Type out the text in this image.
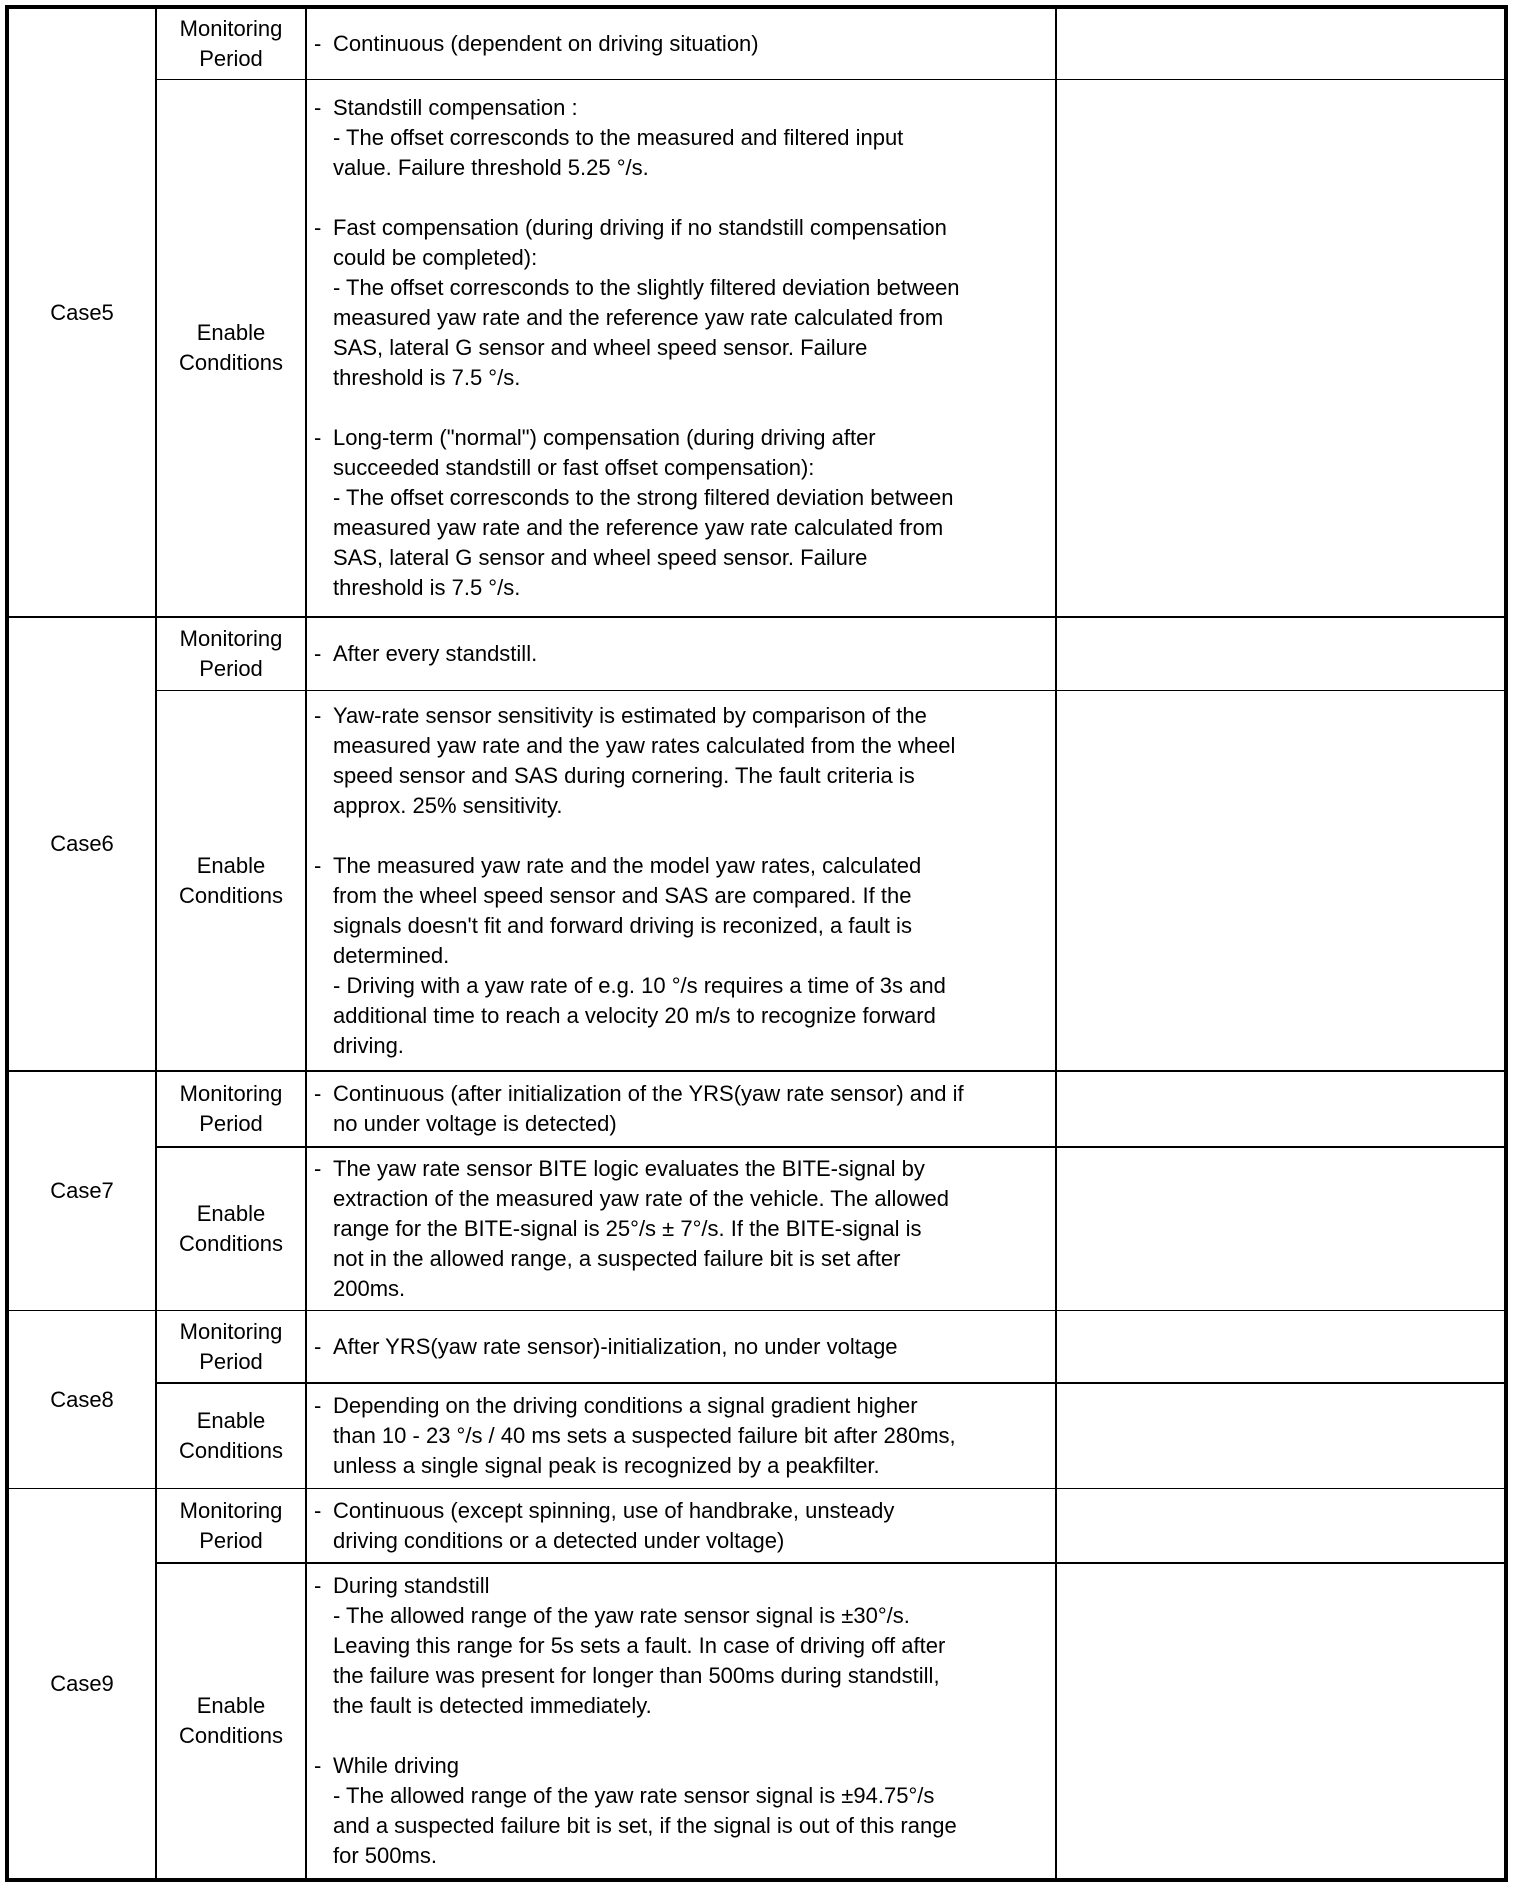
Case5
Monitoring
Period
- Continuous (dependent on driving situation)
Enable
Conditions
- Standstill compensation :
- The offset corresconds to the measured and filtered input
value. Failure threshold 5.25 °/s.
- Fast compensation (during driving if no standstill compensation
could be completed):
- The offset corresconds to the slightly filtered deviation between
measured yaw rate and the reference yaw rate calculated from
SAS, lateral G sensor and wheel speed sensor. Failure
threshold is 7.5 °/s.
- Long-term ("normal") compensation (during driving after
succeeded standstill or fast offset compensation):
- The offset corresconds to the strong filtered deviation between
measured yaw rate and the reference yaw rate calculated from
SAS, lateral G sensor and wheel speed sensor. Failure
threshold is 7.5 °/s.
Case6
Monitoring
Period
- After every standstill.
Enable
Conditions
- Yaw-rate sensor sensitivity is estimated by comparison of the
measured yaw rate and the yaw rates calculated from the wheel
speed sensor and SAS during cornering. The fault criteria is
approx. 25% sensitivity.
- The measured yaw rate and the model yaw rates, calculated
from the wheel speed sensor and SAS are compared. If the
signals doesn't fit and forward driving is reconized, a fault is
determined.
- Driving with a yaw rate of e.g. 10 °/s requires a time of 3s and
additional time to reach a velocity 20 m/s to recognize forward
driving.
Case7
Monitoring
Period
- Continuous (after initialization of the YRS(yaw rate sensor) and if
no under voltage is detected)
Enable
Conditions
- The yaw rate sensor BITE logic evaluates the BITE-signal by
extraction of the measured yaw rate of the vehicle. The allowed
range for the BITE-signal is 25°/s ± 7°/s. If the BITE-signal is
not in the allowed range, a suspected failure bit is set after
200ms.
Case8
Monitoring
Period
- After YRS(yaw rate sensor)-initialization, no under voltage
Enable
Conditions
- Depending on the driving conditions a signal gradient higher
than 10 - 23 °/s / 40 ms sets a suspected failure bit after 280ms,
unless a single signal peak is recognized by a peakfilter.
Case9
Monitoring
Period
- Continuous (except spinning, use of handbrake, unsteady
driving conditions or a detected under voltage)
Enable
Conditions
- During standstill
- The allowed range of the yaw rate sensor signal is ±30°/s.
Leaving this range for 5s sets a fault. In case of driving off after
the failure was present for longer than 500ms during standstill,
the fault is detected immediately.
- While driving
- The allowed range of the yaw rate sensor signal is ±94.75°/s
and a suspected failure bit is set, if the signal is out of this range
for 500ms.
